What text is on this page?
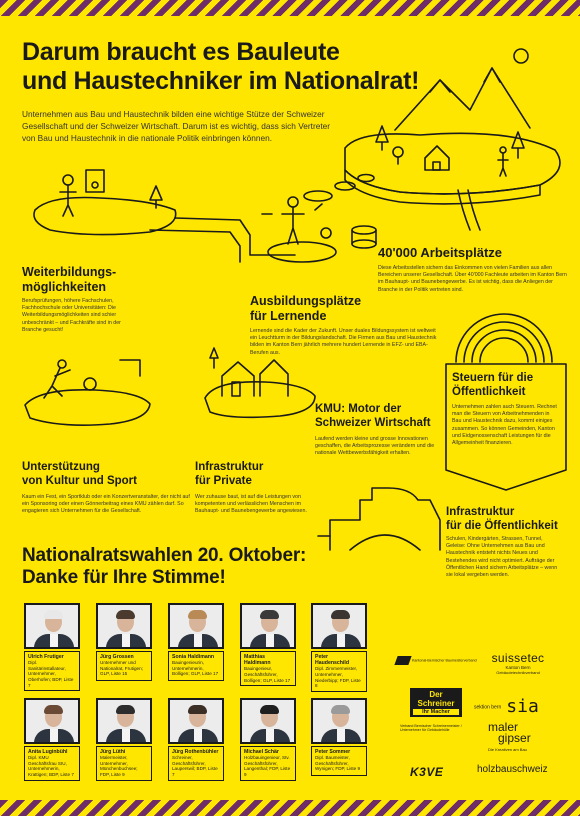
Darum braucht es Bauleute
und Haustechniker im Nationalrat!

Unternehmen aus Bau und Haustechnik bilden eine wichtige Stütze der Schweizer Gesellschaft und der Schweizer Wirtschaft. Darum ist es wichtig, dass sich Vertreter von Bau und Haustechnik in die nationale Politik einbringen können.

40'000 Arbeitsplätze

Diese Arbeitsstellen sichern das Einkommen von vielen Familien aus allen Bereichen unserer Gesellschaft. Über 40'000 Fachleute arbeiten im Kanton Bern im Bauhaupt- und Baunebengewerbe. Es ist wichtig, dass die Anliegen der Branche in der Politik vertreten sind.

Weiterbildungs-
möglichkeiten

Berufsprüfungen, höhere Fachschulen, Fachhochschule oder Universitäten: Die Weiterbildungsmöglichkeiten sind schier unbeschränkt – und Fachkräfte sind in der Branche gesucht!

Ausbildungsplätze
für Lernende

Lernende sind die Kader der Zukunft. Unser duales Bildungssystem ist weltweit ein Leuchtturm in der Bildungslandschaft. Die Firmen aus Bau und Haustechnik bilden im Kanton Bern jährlich mehrere hundert Lernende in EFZ- und EBA-Berufen aus.

Steuern für die
Öffentlichkeit

Unternehmen zahlen auch Steuern. Rechnet man die Steuern von Arbeitnehmenden in Bau und Haustechnik dazu, kommt einiges zusammen. So können Gemeinden, Kanton und Eidgenossenschaft Leistungen für die Allgemeinheit finanzieren.

KMU: Motor der
Schweizer Wirtschaft

Laufend werden kleine und grosse Innovationen geschaffen, die Arbeitsprozesse verändern und die nationale Wettbewerbsfähigkeit erhalten.

Unterstützung
von Kultur und Sport

Kaum ein Fest, ein Sportklub oder ein Konzertveranstalter, der nicht auf ein Sponsoring oder einen Gönnerbeitrag eines KMU zählen darf. So engagieren sich Unternehmen für die Gesellschaft.

Infrastruktur
für Private

Wer zuhause baut, ist auf die Leistungen von kompetenten und verlässlichen Menschen im Bauhaupt- und Baunebengewerbe angewiesen.	Infrastruktur
für die Öffentlichkeit

Schulen, Kindergärten, Strassen, Tunnel, Geleise: Ohne Unternehmen aus Bau und Haustechnik entsteht nichts Neues und Bestehendes wird nicht optimiert. Aufträge der Öffentlichen Hand sichern Arbeitsplätze – wenn sie lokal vergeben werden.

Nationalratswahlen 20. Oktober:
Danke für Ihre Stimme!
Ulrich Frutiger
Dipl. Sanitärinstallateur, Unternehmer, Oberhofen; BDP, Liste 7
Jürg Grossen
Unternehmer und Nationalrat, Frutigen; GLP, Liste 15
Sonia Haldimann
Bauingenieurin, Unternehmerin, Bolligen; GLP, Liste 17
Matthias Haldimann
Bauingenieur, Geschäftsführer, Bolligen; GLP, Liste 17
Peter Haudenschild
Dipl. Zimmermeister, Unternehmer, Niederbipp; FDP, Liste 8
Anita Luginbühl
Dipl. KMU Geschäftsfrau SIU, Unternehmerin, Krattigen; BDP, Liste 7
Jürg Lüthi
Malermeister, Unternehmer, Münchenbuchsee; FDP, Liste 9
Jürg Rothenbühler
Schreiner, Geschäftsführer, Lauperswil; BDP, Liste 7
Michael Schär
Holzbauingenieur, Stv. Geschäftsführer, Langenthal; FDP, Liste 9
Peter Sommer
Dipl. Baumeister, Geschäftsführer, Wynigen; FDP, Liste 9
Kantonal-Bernischer Baumeisterverband	suissetec
Kanton Bern
Gebäudetechnikverband
Der Schreiner
Ihr Macher
sektion bern sia
Verband Bernischer Schreinermeister / Unternehmer für Gebäudehülle	maler
gipser
Die Kreativen am Bau
K3VE	holzbauschweiz
